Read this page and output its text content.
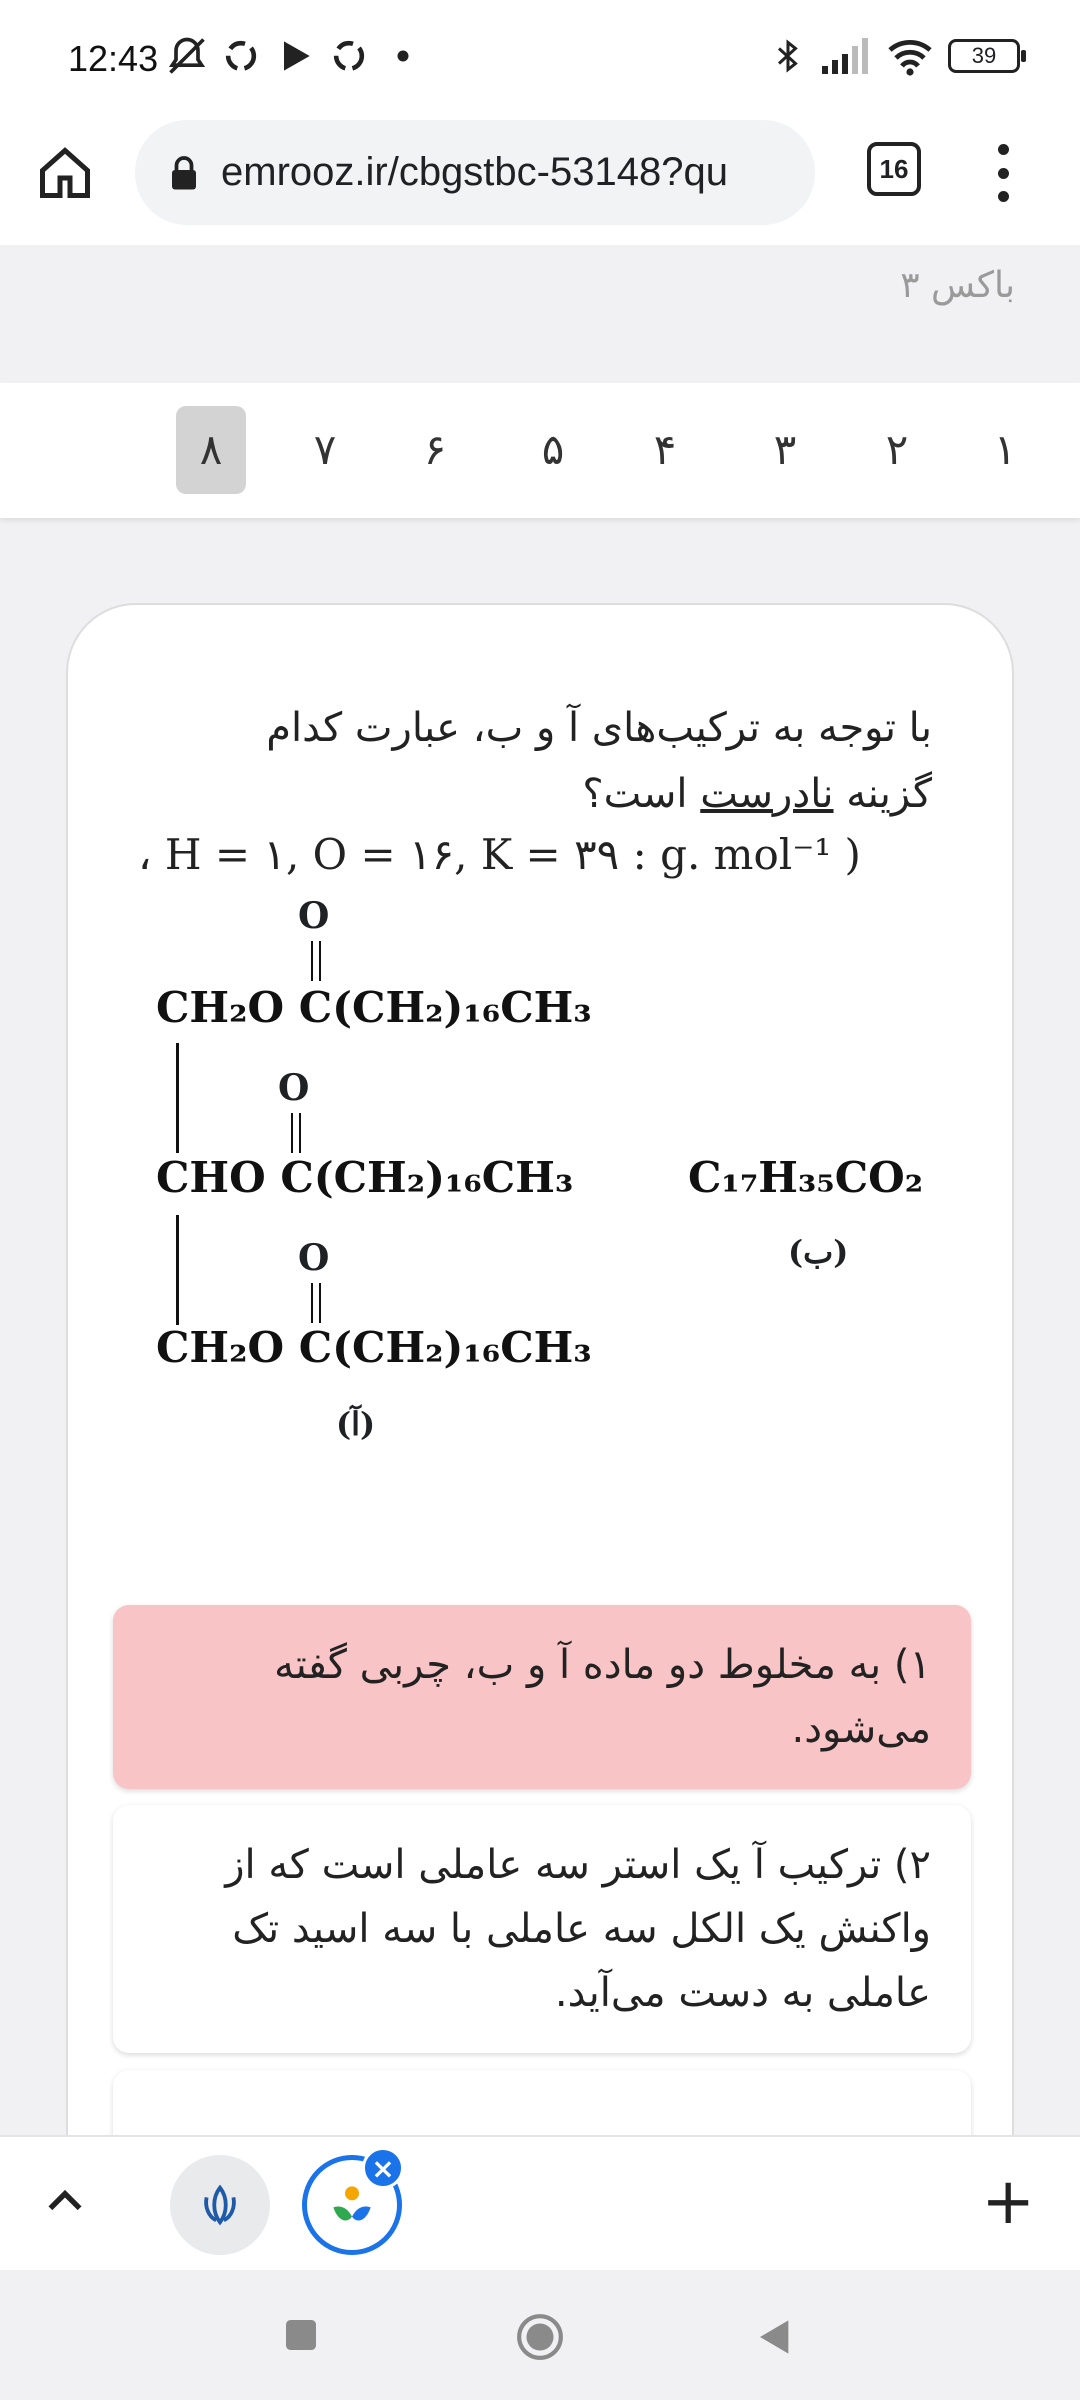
12:43	39
emrooz.ir/cbgstbc-53148?qu	16
باکس ۳
۱
۲
۳
۴
۵
۶
۷
۸
با توجه به ترکیب‌های آ و ب، عبارت کدام گزینه نادرست است؟
، H = ۱, O = ۱۶, K = ۳۹ : g. mol⁻¹ )
O
CH₂O C(CH₂)₁₆CH₃
O
CHO C(CH₂)₁₆CH₃
O
CH₂O C(CH₂)₁₆CH₃
(آ)
C₁₇H₃₅CO₂
(ب)
۱) به مخلوط دو ماده آ و ب، چربی گفته می‌شود.
۲) ترکیب آ یک استر سه عاملی است که از واکنش یک الکل سه عاملی با سه اسید تک عاملی به دست می‌آید.
×	+
